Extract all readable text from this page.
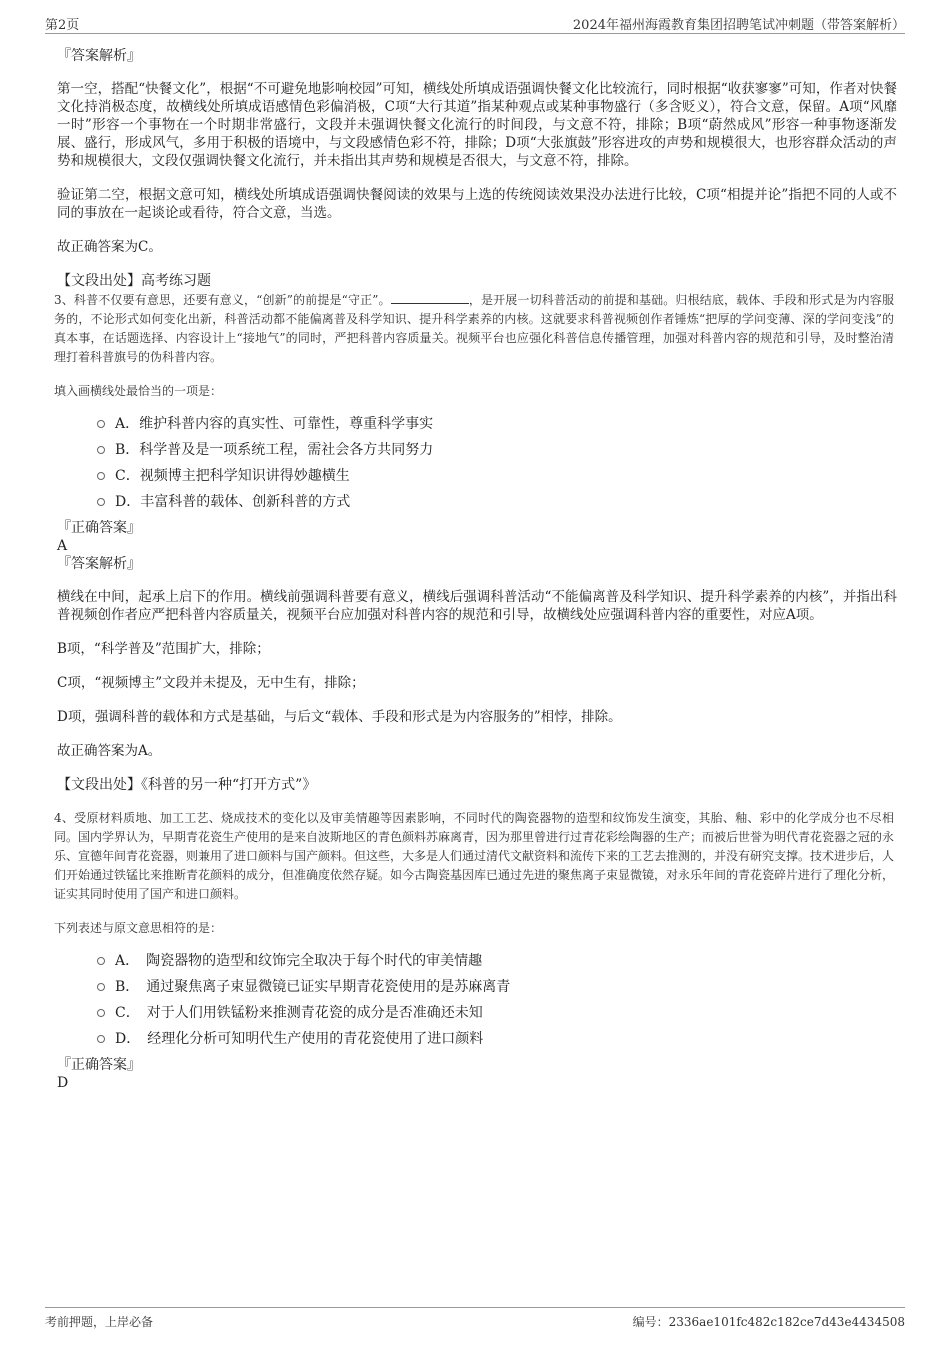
第2页	2024年福州海霞教育集团招聘笔试冲刺题（带答案解析）

『答案解析』

第一空，搭配“快餐文化”，根据“不可避免地影响校园”可知，横线处所填成语强调快餐文化比较流行，同时根据“收获寥寥”可知，作者对快餐文化持消极态度，故横线处所填成语感情色彩偏消极，C项“大行其道”指某种观点或某种事物盛行（多含贬义），符合文意，保留。A项“风靡一时”形容一个事物在一个时期非常盛行，文段并未强调快餐文化流行的时间段，与文意不符，排除；B项“蔚然成风”形容一种事物逐渐发展、盛行，形成风气，多用于积极的语境中，与文段感情色彩不符，排除；D项“大张旗鼓”形容进攻的声势和规模很大，也形容群众活动的声势和规模很大，文段仅强调快餐文化流行，并未指出其声势和规模是否很大，与文意不符，排除。

验证第二空，根据文意可知，横线处所填成语强调快餐阅读的效果与上选的传统阅读效果没办法进行比较，C项“相提并论”指把不同的人或不同的事放在一起谈论或看待，符合文意，当选。

故正确答案为C。

【文段出处】高考练习题

3、科普不仅要有意思，还要有意义，“创新”的前提是“守正”。	，是开展一切科普活动的前提和基础。归根结底，载体、手段和形式是为内容服务的，不论形式如何变化出新，科普活动都不能偏离普及科学知识、提升科学素养的内核。这就要求科普视频创作者锤炼“把厚的学问变薄、深的学问变浅”的真本事，在话题选择、内容设计上“接地气”的同时，严把科普内容质量关。视频平台也应强化科普信息传播管理，加强对科普内容的规范和引导，及时整治清理打着科普旗号的伪科普内容。

填入画横线处最恰当的一项是：

A．维护科普内容的真实性、可靠性，尊重科学事实
B．科学普及是一项系统工程，需社会各方共同努力
C．视频博主把科学知识讲得妙趣横生
D．丰富科普的载体、创新科普的方式

『正确答案』

A

『答案解析』

横线在中间，起承上启下的作用。横线前强调科普要有意义，横线后强调科普活动“不能偏离普及科学知识、提升科学素养的内核”，并指出科普视频创作者应严把科普内容质量关，视频平台应加强对科普内容的规范和引导，故横线处应强调科普内容的重要性，对应A项。

B项，“科学普及”范围扩大，排除；

C项，“视频博主”文段并未提及，无中生有，排除；

D项，强调科普的载体和方式是基础，与后文“载体、手段和形式是为内容服务的”相悖，排除。

故正确答案为A。

【文段出处】《科普的另一种“打开方式”》

4、受原材料质地、加工工艺、烧成技术的变化以及审美情趣等因素影响，不同时代的陶瓷器物的造型和纹饰发生演变，其胎、釉、彩中的化学成分也不尽相同。国内学界认为，早期青花瓷生产使用的是来自波斯地区的青色颜料苏麻离青，因为那里曾进行过青花彩绘陶器的生产；而被后世誉为明代青花瓷器之冠的永乐、宣德年间青花瓷器，则兼用了进口颜料与国产颜料。但这些，大多是人们通过清代文献资料和流传下来的工艺去推测的，并没有研究支撑。技术进步后，人们开始通过铁锰比来推断青花颜料的成分，但准确度依然存疑。如今古陶瓷基因库已通过先进的聚焦离子束显微镜，对永乐年间的青花瓷碎片进行了理化分析，证实其同时使用了国产和进口颜料。

下列表述与原文意思相符的是：

A．　陶瓷器物的造型和纹饰完全取决于每个时代的审美情趣
B．　通过聚焦离子束显微镜已证实早期青花瓷使用的是苏麻离青
C．　对于人们用铁锰粉来推测青花瓷的成分是否准确还未知
D．　经理化分析可知明代生产使用的青花瓷使用了进口颜料

『正确答案』

D

考前押题，上岸必备	编号：2336ae101fc482c182ce7d43e4434508
